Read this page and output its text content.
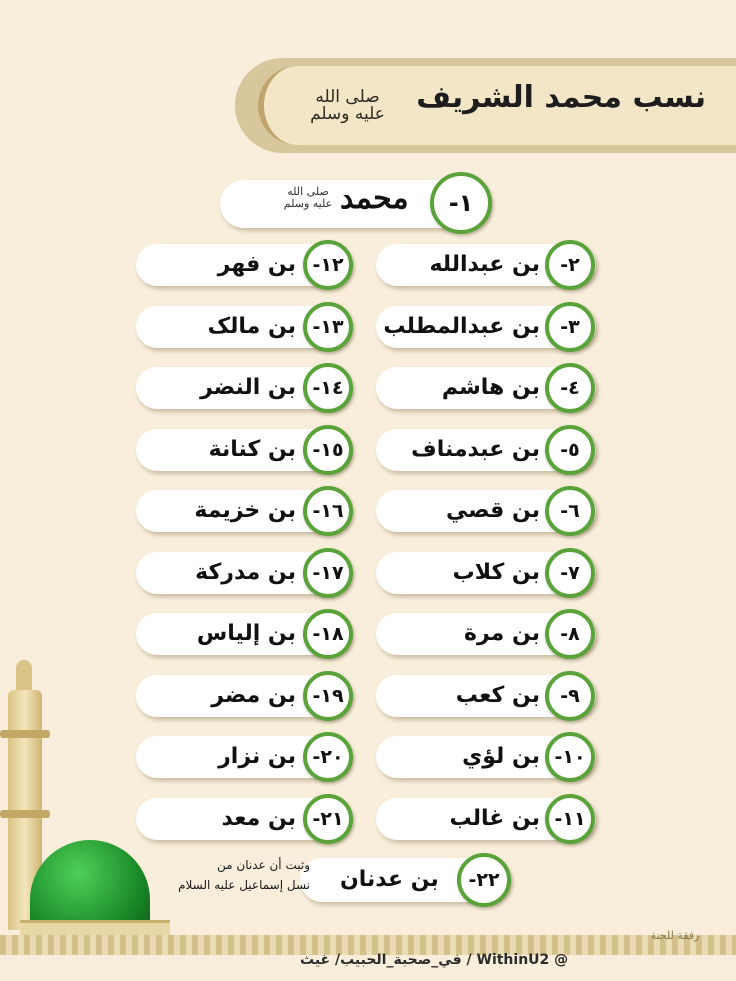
نسب محمد الشريف
صلى الله عليه وسلم
محمد
صلى الله عليه وسلم	١-
بن عبدالله	٢-
بن عبدالمطلب	٣-
بن هاشم	٤-
بن عبدمناف	٥-
بن قصي	٦-
بن كلاب	٧-
بن مرة	٨-
بن كعب	٩-
بن لؤي ١٠-
بن غالب ١١-
بن فهر ١٢-
بن مالک ١٣-
بن النضر ١٤-
بن كنانة ١٥-
بن خزيمة ١٦-
بن مدركة ١٧-
بن إلياس ١٨-
بن مضر ١٩-
بن نزار ٢٠-
بن معد ٢١-
بن عدنان	٢٢-
وثبت أن عدنان من
نسل إسماعيل عليه السلام
في_صحبة_الحبيب/ غيث / WithinU2 @
رفقة للجنة
